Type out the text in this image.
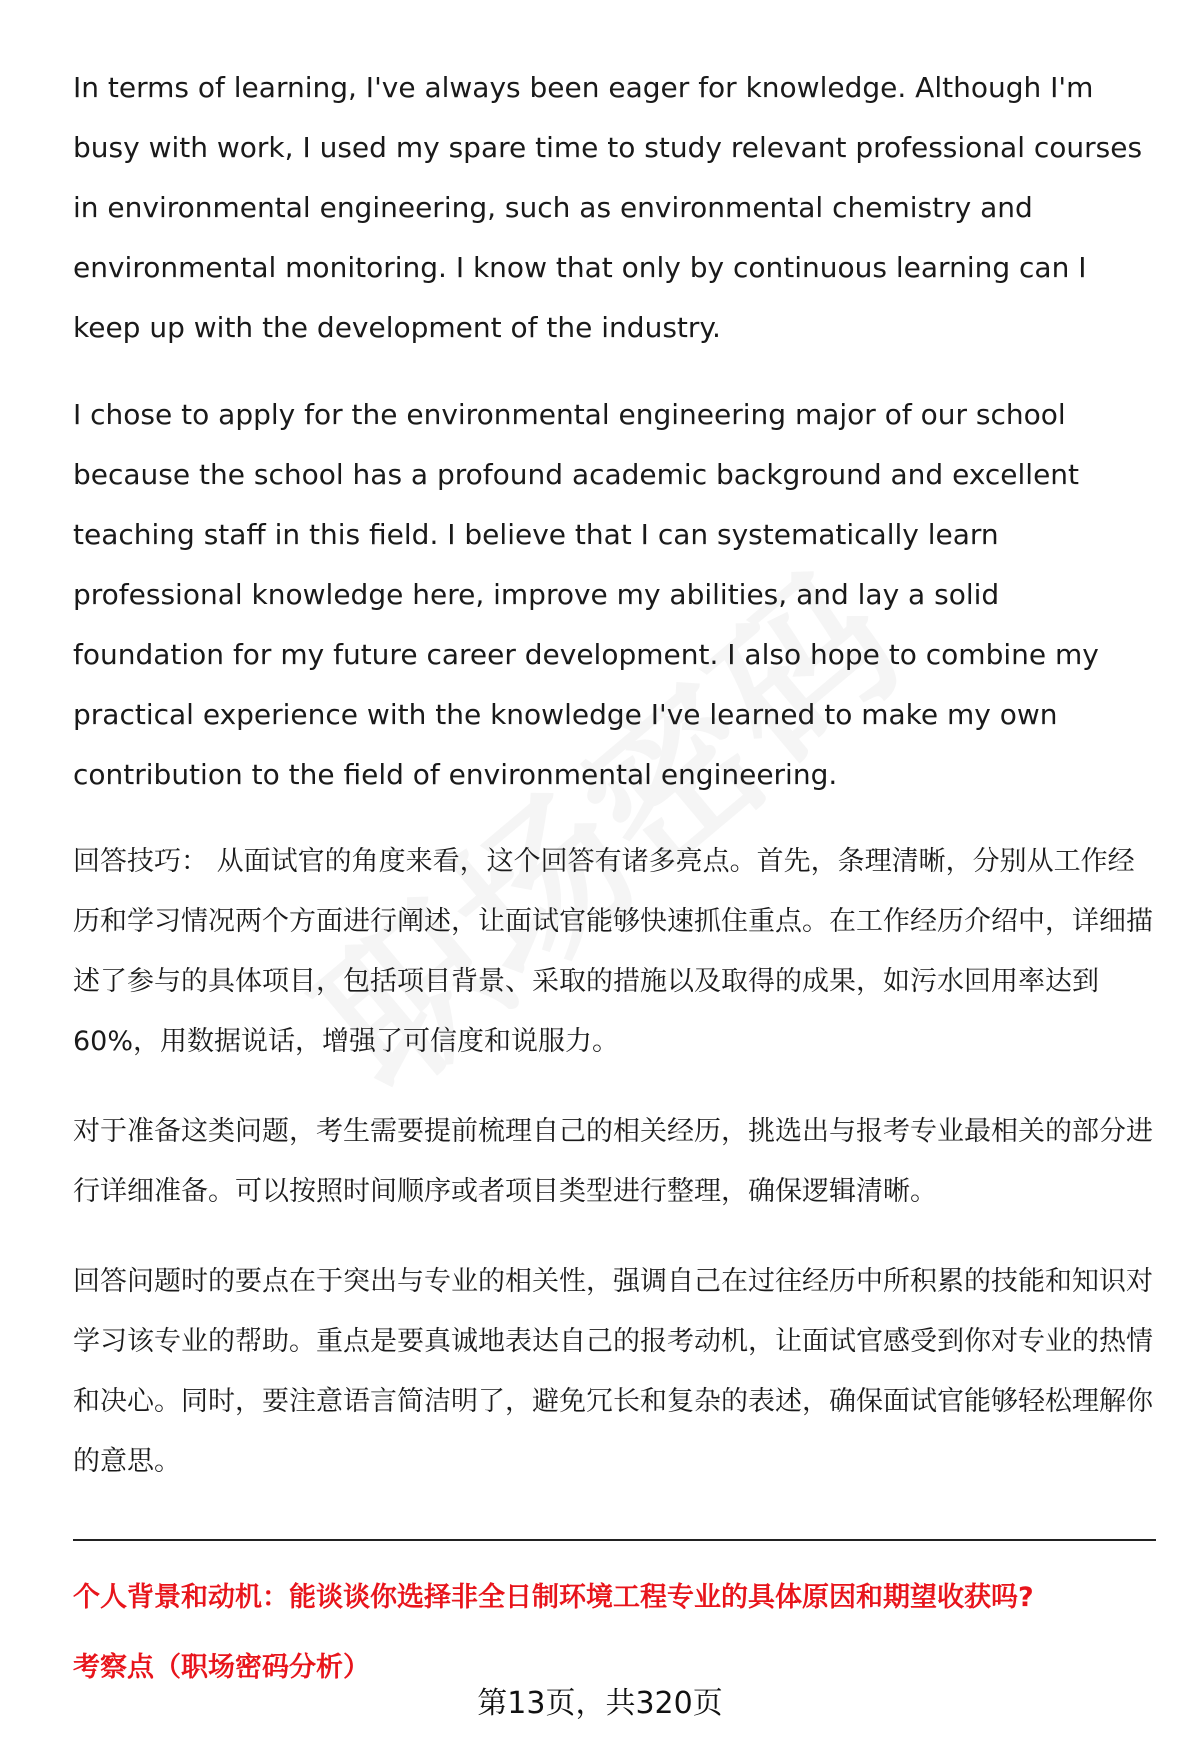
In terms of learning, I've always been eager for knowledge. Although I'm busy with work, I used my spare time to study relevant professional courses in environmental engineering, such as environmental chemistry and environmental monitoring. I know that only by continuous learning can I keep up with the development of the industry.

I chose to apply for the environmental engineering major of our school because the school has a profound academic background and excellent teaching staff in this field. I believe that I can systematically learn professional knowledge here, improve my abilities, and lay a solid foundation for my future career development. I also hope to combine my practical experience with the knowledge I've learned to make my own contribution to the field of environmental engineering.

回答技巧： 从面试官的角度来看，这个回答有诸多亮点。首先，条理清晰，分别从工作经历和学习情况两个方面进行阐述，让面试官能够快速抓住重点。在工作经历介绍中，详细描述了参与的具体项目，包括项目背景、采取的措施以及取得的成果，如污水回用率达到 60%，用数据说话，增强了可信度和说服力。

对于准备这类问题，考生需要提前梳理自己的相关经历，挑选出与报考专业最相关的部分进行详细准备。可以按照时间顺序或者项目类型进行整理，确保逻辑清晰。

回答问题时的要点在于突出与专业的相关性，强调自己在过往经历中所积累的技能和知识对学习该专业的帮助。重点是要真诚地表达自己的报考动机，让面试官感受到你对专业的热情和决心。同时，要注意语言简洁明了，避免冗长和复杂的表述，确保面试官能够轻松理解你的意思。

个人背景和动机：能谈谈你选择非全日制环境工程专业的具体原因和期望收获吗?

考察点（职场密码分析）

第13页，共320页
